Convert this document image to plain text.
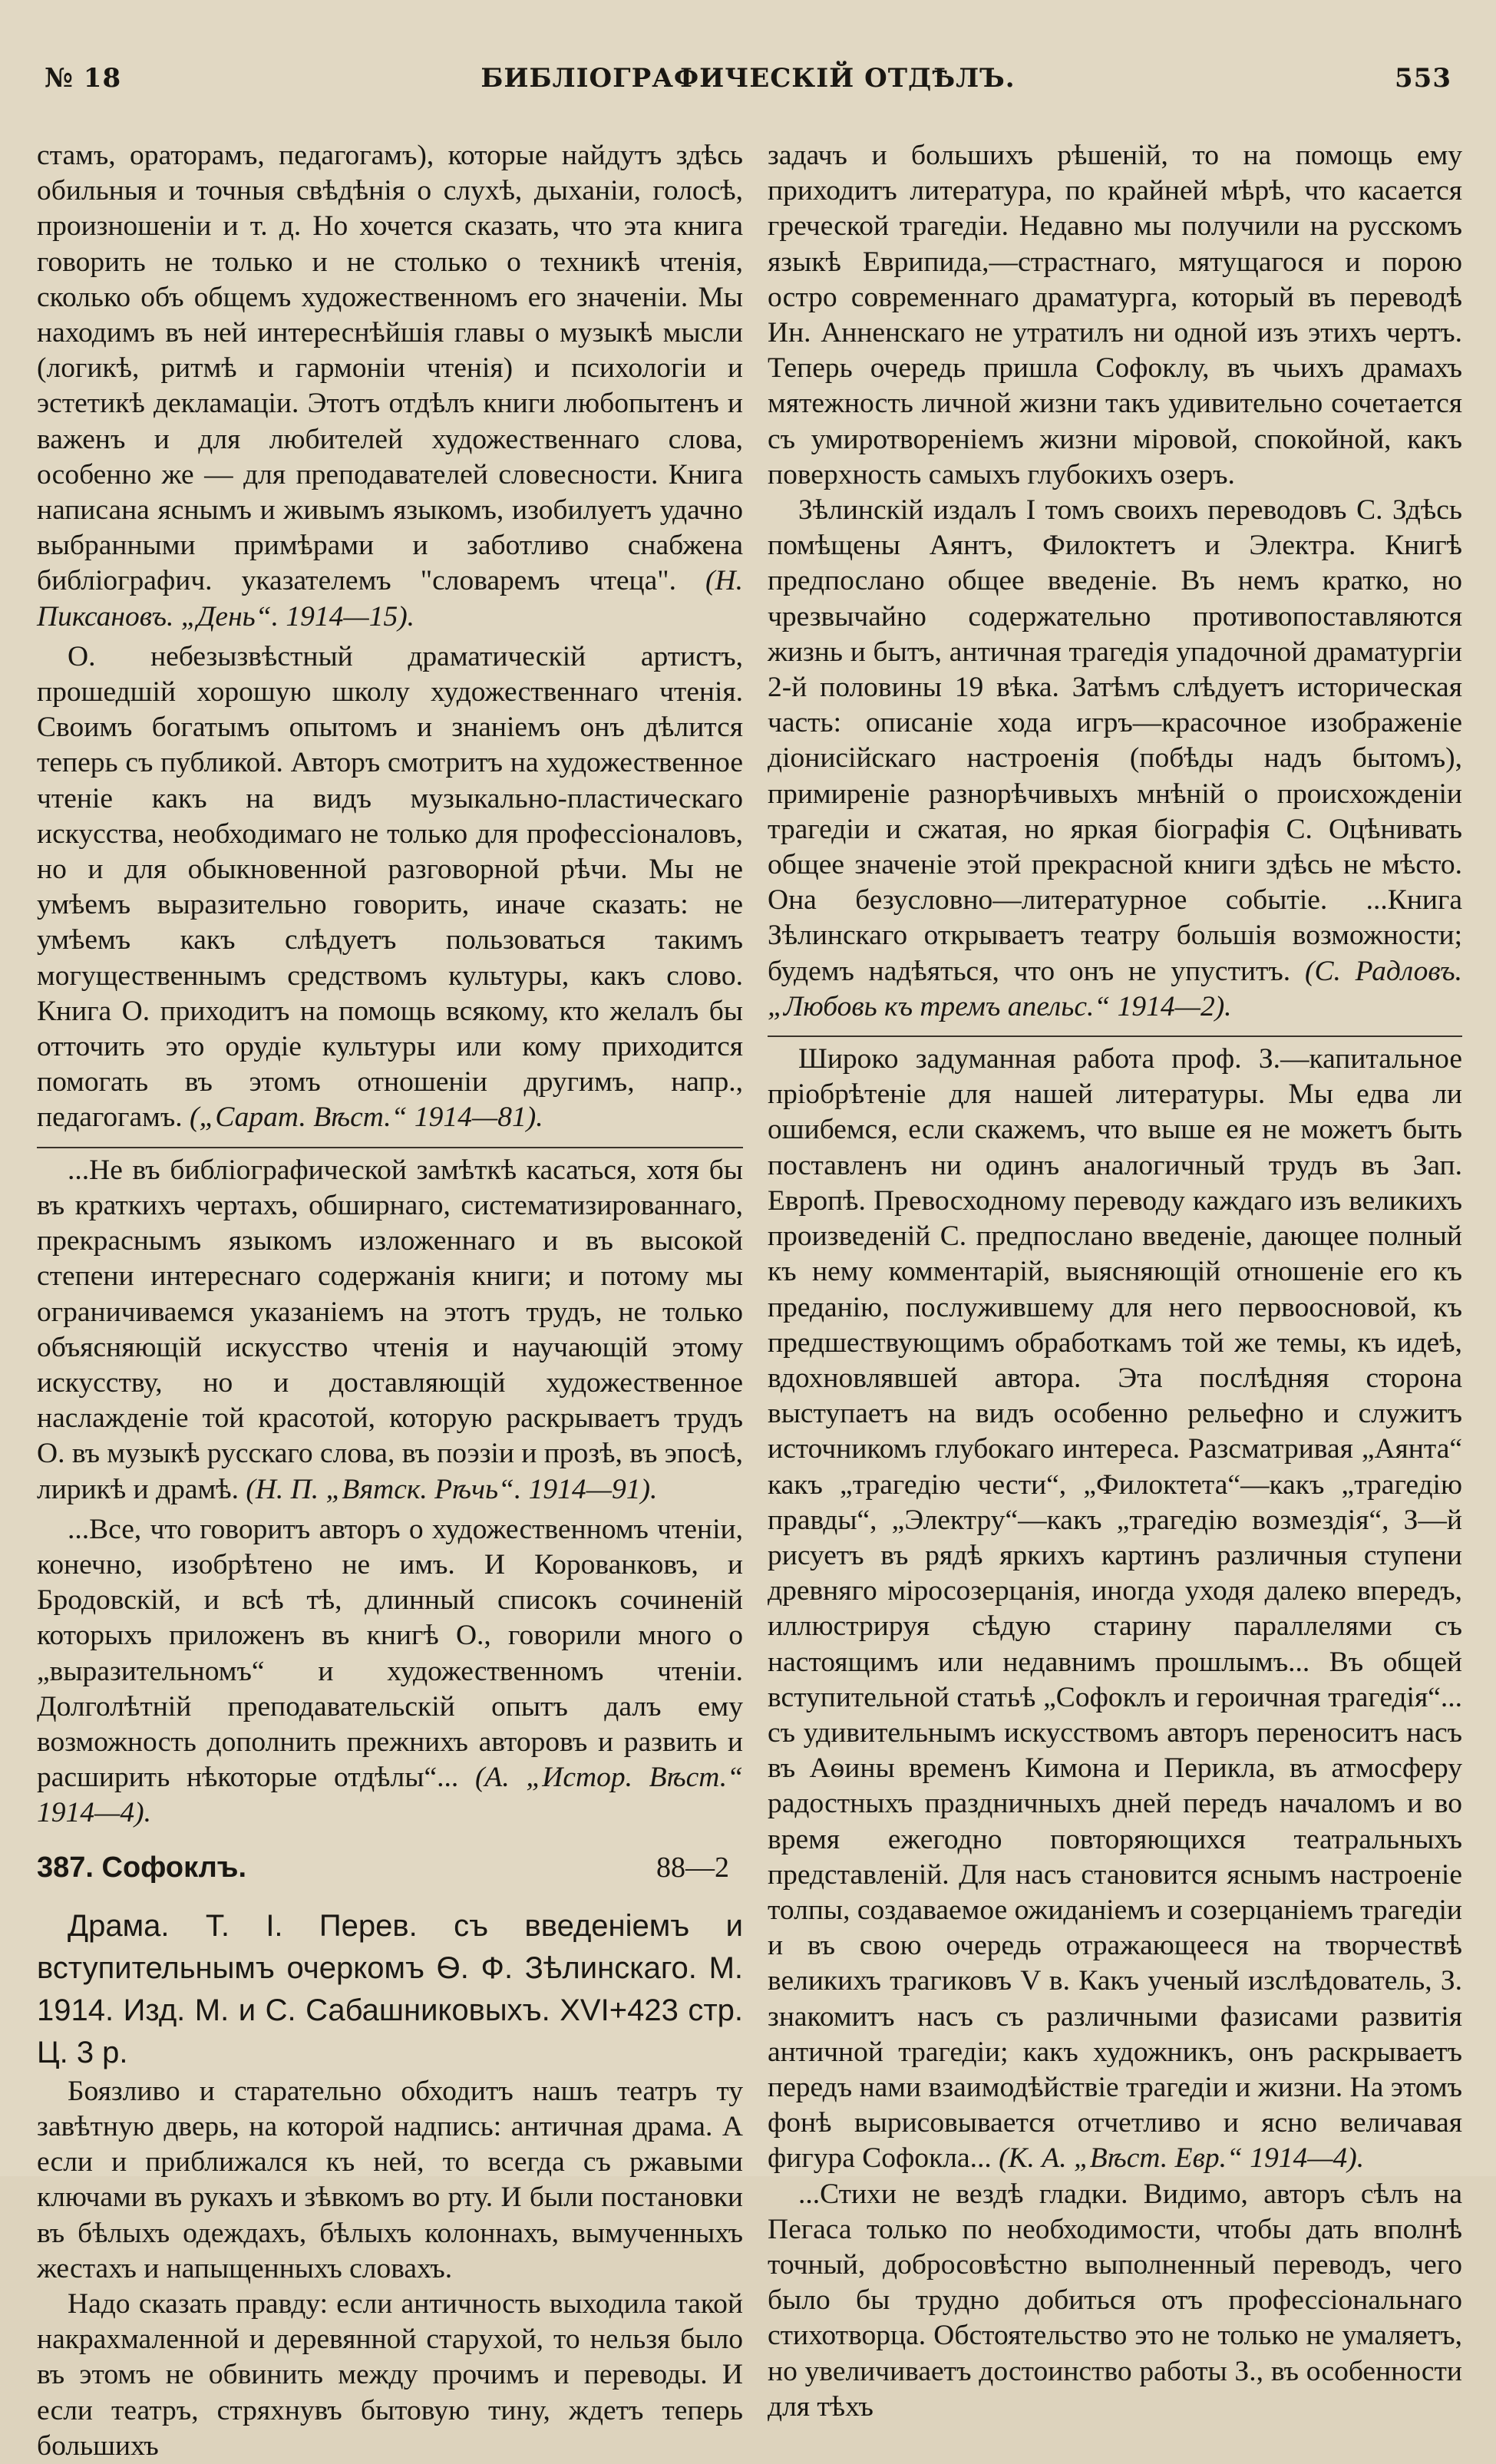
№ 18	БИБЛІОГРАФИЧЕСКІЙ ОТДѢЛЪ.	553

стамъ, ораторамъ, педагогамъ), которые найдутъ здѣсь обильныя и точныя свѣдѣнія о слухѣ, дыханіи, голосѣ, произношеніи и т. д. Но хочется сказать, что эта книга говорить не только и не столько о техникѣ чтенія, сколько объ общемъ художественномъ его значеніи. Мы находимъ въ ней интереснѣйшія главы о музыкѣ мысли (логикѣ, ритмѣ и гармоніи чтенія) и психологіи и эстетикѣ декламаціи. Этотъ отдѣлъ книги любопытенъ и важенъ и для любителей художественнаго слова, особенно же — для преподавателей словесности. Книга написана яснымъ и живымъ языкомъ, изобилуетъ удачно выбранными примѣрами и заботливо снабжена библіографич. указателемъ "словаремъ чтеца". (Н. Пиксановъ. „День“. 1914—15).

О. небезызвѣстный драматическій артистъ, прошедшій хорошую школу художественнаго чтенія. Своимъ богатымъ опытомъ и знаніемъ онъ дѣлится теперь съ публикой. Авторъ смотритъ на художественное чтеніе какъ на видъ музыкально-пластическаго искусства, необходимаго не только для профессіоналовъ, но и для обыкновенной разговорной рѣчи. Мы не умѣемъ выразительно говорить, иначе сказать: не умѣемъ какъ слѣдуетъ пользоваться такимъ могущественнымъ средствомъ культуры, какъ слово. Книга О. приходитъ на помощь всякому, кто желалъ бы отточить это орудіе культуры или кому приходится помогать въ этомъ отношеніи другимъ, напр., педагогамъ. („Сарат. Вѣст.“ 1914—81).

...Не въ библіографической замѣткѣ касаться, хотя бы въ краткихъ чертахъ, обширнаго, систематизированнаго, прекраснымъ языкомъ изложеннаго и въ высокой степени интереснаго содержанія книги; и потому мы ограничиваемся указаніемъ на этотъ трудъ, не только объясняющій искусство чтенія и научающій этому искусству, но и доставляющій художественное наслажденіе той красотой, которую раскрываетъ трудъ О. въ музыкѣ русскаго слова, въ поэзіи и прозѣ, въ эпосѣ, лирикѣ и драмѣ. (Н. П. „Вятск. Рѣчь“. 1914—91).

...Все, что говоритъ авторъ о художественномъ чтеніи, конечно, изобрѣтено не имъ. И Корованковъ, и Бродовскій, и всѣ тѣ, длинный списокъ сочиненій которыхъ приложенъ въ книгѣ О., говорили много о „выразительномъ“ и художественномъ чтеніи. Долголѣтній преподавательскій опытъ далъ ему возможность дополнить прежнихъ авторовъ и развить и расширить нѣкоторые отдѣлы“... (А. „Истор. Вѣст.“ 1914—4).

387. Софоклъ.	88—2

Драма. Т. I. Перев. съ введеніемъ и вступительнымъ очеркомъ Ѳ. Ф. Зѣлинскаго. М. 1914. Изд. М. и С. Сабашниковыхъ. XVI+423 стр. Ц. 3 р.

Боязливо и старательно обходитъ нашъ театръ ту завѣтную дверь, на которой надпись: античная драма. А если и приближался къ ней, то всегда съ ржавыми ключами въ рукахъ и зѣвкомъ во рту. И были постановки въ бѣлыхъ одеждахъ, бѣлыхъ колоннахъ, вымученныхъ жестахъ и напыщенныхъ словахъ.

Надо сказать правду: если античность выходила такой накрахмаленной и деревянной старухой, то нельзя было въ этомъ не обвинить между прочимъ и переводы. И если театръ, стряхнувъ бытовую тину, ждетъ теперь большихъ

задачъ и большихъ рѣшеній, то на помощь ему приходитъ литература, по крайней мѣрѣ, что касается греческой трагедіи. Недавно мы получили на русскомъ языкѣ Еврипида,—страстнаго, мятущагося и порою остро современнаго драматурга, который въ переводѣ Ин. Анненскаго не утратилъ ни одной изъ этихъ чертъ. Теперь очередь пришла Софоклу, въ чьихъ драмахъ мятежность личной жизни такъ удивительно сочетается съ умиротвореніемъ жизни міровой, спокойной, какъ поверхность самыхъ глубокихъ озеръ.

Зѣлинскій издалъ I томъ своихъ переводовъ С. Здѣсь помѣщены Аянтъ, Филоктетъ и Электра. Книгѣ предпослано общее введеніе. Въ немъ кратко, но чрезвычайно содержательно противопоставляются жизнь и бытъ, античная трагедія упадочной драматургіи 2-й половины 19 вѣка. Затѣмъ слѣдуетъ историческая часть: описаніе хода игръ—красочное изображеніе діонисійскаго настроенія (побѣды надъ бытомъ), примиреніе разнорѣчивыхъ мнѣній о происхожденіи трагедіи и сжатая, но яркая біографія С. Оцѣнивать общее значеніе этой прекрасной книги здѣсь не мѣсто. Она безусловно—литературное событіе. ...Книга Зѣлинскаго открываетъ театру большія возможности; будемъ надѣяться, что онъ не упуститъ. (С. Радловъ. „Любовь къ тремъ апельс.“ 1914—2).

Широко задуманная работа проф. З.—капитальное пріобрѣтеніе для нашей литературы. Мы едва ли ошибемся, если скажемъ, что выше ея не можетъ быть поставленъ ни одинъ аналогичный трудъ въ Зап. Европѣ. Превосходному переводу каждаго изъ великихъ произведеній С. предпослано введеніе, дающее полный къ нему комментарій, выясняющій отношеніе его къ преданію, послужившему для него первоосновой, къ предшествующимъ обработкамъ той же темы, къ идеѣ, вдохновлявшей автора. Эта послѣдняя сторона выступаетъ на видъ особенно рельефно и служитъ источникомъ глубокаго интереса. Разсматривая „Аянта“ какъ „трагедію чести“, „Филоктета“—какъ „трагедію правды“, „Электру“—какъ „трагедію возмездія“, З—й рисуетъ въ рядѣ яркихъ картинъ различныя ступени древняго міросозерцанія, иногда уходя далеко впередъ, иллюстрируя сѣдую старину параллелями съ настоящимъ или недавнимъ прошлымъ... Въ общей вступительной статьѣ „Софоклъ и героичная трагедія“... съ удивительнымъ искусствомъ авторъ переноситъ насъ въ Аѳины временъ Кимона и Перикла, въ атмосферу радостныхъ праздничныхъ дней передъ началомъ и во время ежегодно повторяющихся театральныхъ представленій. Для насъ становится яснымъ настроеніе толпы, создаваемое ожиданіемъ и созерцаніемъ трагедіи и въ свою очередь отражающееся на творчествѣ великихъ трагиковъ V в. Какъ ученый изслѣдователь, З. знакомитъ насъ съ различными фазисами развитія античной трагедіи; какъ художникъ, онъ раскрываетъ передъ нами взаимодѣйствіе трагедіи и жизни. На этомъ фонѣ вырисовывается отчетливо и ясно величавая фигура Софокла... (К. А. „Вѣст. Евр.“ 1914—4).

...Стихи не вездѣ гладки. Видимо, авторъ сѣлъ на Пегаса только по необходимости, чтобы дать вполнѣ точный, добросовѣстно выполненный переводъ, чего было бы трудно добиться отъ профессіональнаго стихотворца. Обстоятельство это не только не умаляетъ, но увеличиваетъ достоинство работы З., въ особенности для тѣхъ
